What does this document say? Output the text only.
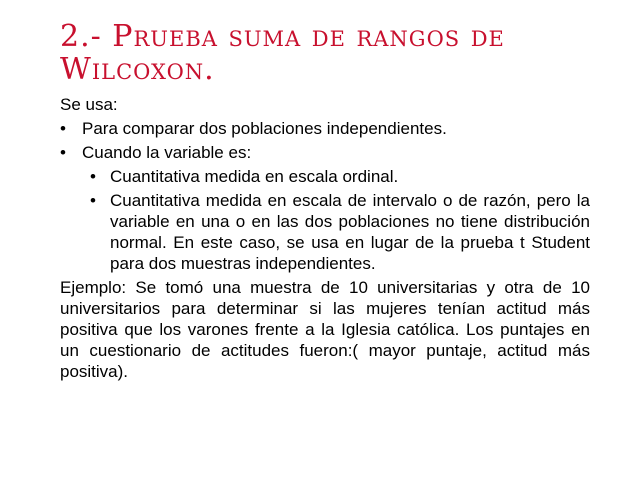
2.- Prueba suma de rangos de Wilcoxon.

Se usa:

• Para comparar dos poblaciones independientes.

• Cuando la variable es:

• Cuantitativa medida en escala ordinal.

• Cuantitativa medida en escala de intervalo o de razón, pero la variable en una o en las dos poblaciones no tiene distribución normal. En este caso, se usa en lugar de la prueba t Student para dos muestras independientes.

Ejemplo: Se tomó una muestra de 10 universitarias y otra de 10 universitarios para determinar si las mujeres tenían actitud más positiva que los varones frente a la Iglesia católica. Los puntajes en un cuestionario de actitudes fueron:( mayor puntaje, actitud más positiva).
